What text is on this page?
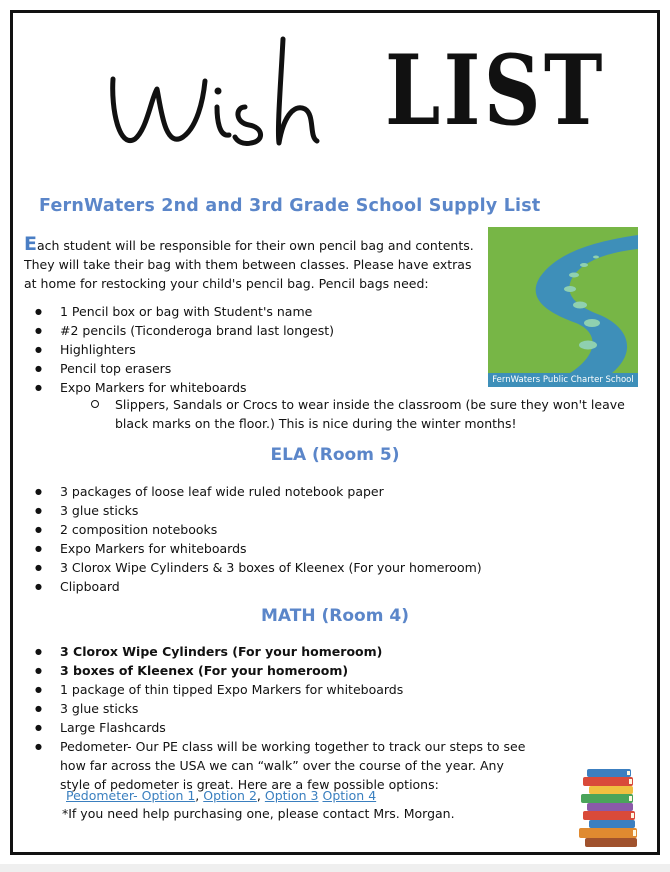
LIST
FernWaters 2nd and 3rd Grade School Supply List
Each student will be responsible for their own pencil bag and contents. They will take their bag with them between classes. Please have extras at home for restocking your child's pencil bag. Pencil bags need:
FernWaters Public Charter School
● 1 Pencil box or bag with Student's name
● #2 pencils (Ticonderoga brand last longest)
● Highlighters
● Pencil top erasers
● Expo Markers for whiteboards
Slippers, Sandals or Crocs to wear inside the classroom (be sure they won't leave black marks on the floor.) This is nice during the winter months!
ELA (Room 5)
● 3 packages of loose leaf wide ruled notebook paper
● 3 glue sticks
● 2 composition notebooks
● Expo Markers for whiteboards
● 3 Clorox Wipe Cylinders & 3 boxes of Kleenex (For your homeroom)
● Clipboard
MATH (Room 4)
● 3 Clorox Wipe Cylinders (For your homeroom)
● 3 boxes of Kleenex (For your homeroom)
● 1 package of thin tipped Expo Markers for whiteboards
● 3 glue sticks
● Large Flashcards
● Pedometer- Our PE class will be working together to track our steps to see how far across the USA we can “walk” over the course of the year. Any style of pedometer is great. Here are a few possible options:
Pedometer- Option 1, Option 2, Option 3 Option 4
*If you need help purchasing one, please contact Mrs. Morgan.
